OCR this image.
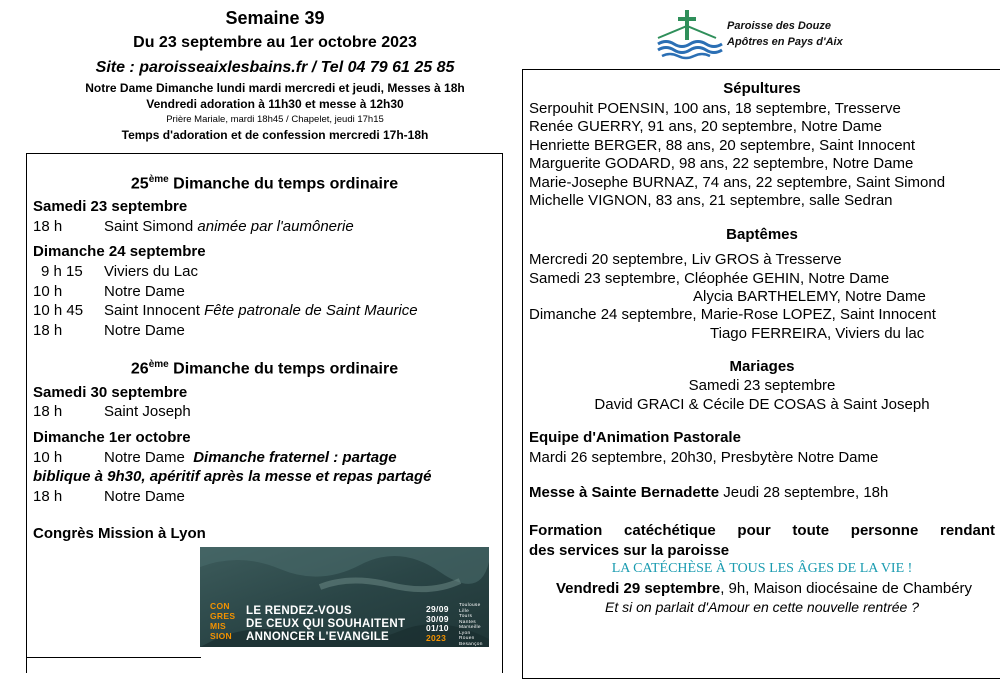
Semaine 39
Du 23 septembre au 1er octobre 2023
Site : paroisseaixlesbains.fr / Tel 04 79 61 25 85
Notre Dame Dimanche lundi mardi mercredi et jeudi, Messes à 18h
Vendredi adoration à 11h30 et messe à 12h30
Prière Mariale, mardi 18h45 / Chapelet, jeudi 17h15
Temps d'adoration et de confession mercredi 17h-18h
Paroisse des Douze
Apôtres en Pays d'Aix
25ème Dimanche du temps ordinaire
Samedi 23 septembre
18 h	Saint Simond animée par l'aumônerie
Dimanche 24 septembre
9 h 15 Viviers du Lac
10 h	Notre Dame
10 h 45 Saint Innocent Fête patronale de Saint Maurice
18 h	Notre Dame
26ème Dimanche du temps ordinaire
Samedi 30 septembre
18 h	Saint Joseph
Dimanche 1er octobre
10 h	Notre Dame Dimanche fraternel : partage
biblique à 9h30, apéritif après la messe et repas partagé
18 h	Notre Dame
Congrès Mission à Lyon
CON
GRES
MIS
SION
LE RENDEZ-VOUS
DE CEUX QUI SOUHAITENT
ANNONCER L'EVANGILE
29/09
30/09
01/10
2023
Toulouse
Lille
Tours
Nantes
Marseille
Lyon
Rouen
Besançon
Sépultures
Serpouhit POENSIN, 100 ans, 18 septembre, Tresserve
Renée GUERRY, 91 ans, 20 septembre, Notre Dame
Henriette BERGER, 88 ans, 20 septembre, Saint Innocent
Marguerite GODARD, 98 ans, 22 septembre, Notre Dame
Marie-Josephe BURNAZ, 74 ans, 22 septembre, Saint Simond
Michelle VIGNON, 83 ans, 21 septembre, salle Sedran
Baptêmes
Mercredi 20 septembre, Liv GROS à Tresserve
Samedi 23 septembre, Cléophée GEHIN, Notre Dame
Alycia BARTHELEMY, Notre Dame
Dimanche 24 septembre, Marie-Rose LOPEZ, Saint Innocent
Tiago FERREIRA, Viviers du lac
Mariages
Samedi 23 septembre
David GRACI & Cécile DE COSAS à Saint Joseph
Equipe d'Animation Pastorale
Mardi 26 septembre, 20h30, Presbytère Notre Dame
Messe à Sainte Bernadette Jeudi 28 septembre, 18h
Formation catéchétique pour toute personne rendant
des services sur la paroisse
LA CATÉCHÈSE À TOUS LES ÂGES DE LA VIE !
Vendredi 29 septembre, 9h, Maison diocésaine de Chambéry
Et si on parlait d'Amour en cette nouvelle rentrée ?
